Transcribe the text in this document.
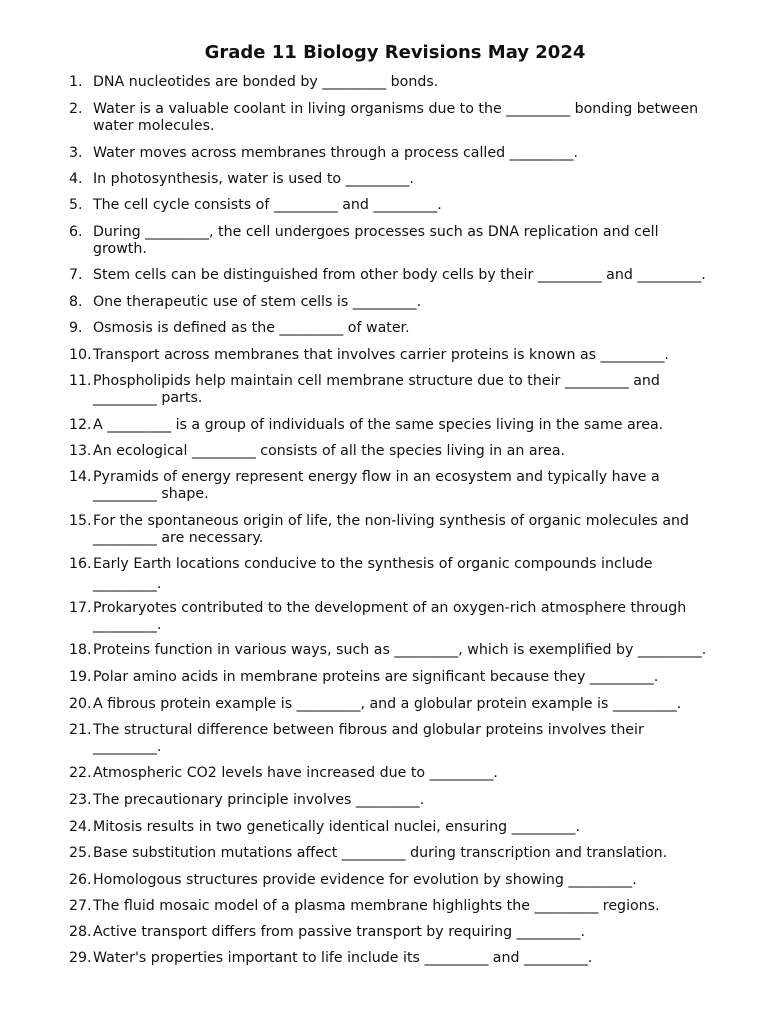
Grade 11 Biology Revisions May 2024
1. DNA nucleotides are bonded by _________ bonds.
2. Water is a valuable coolant in living organisms due to the _________ bonding between
water molecules.
3. Water moves across membranes through a process called _________.
4. In photosynthesis, water is used to _________.
5. The cell cycle consists of _________ and _________.
6. During _________, the cell undergoes processes such as DNA replication and cell
growth.
7. Stem cells can be distinguished from other body cells by their _________ and _________.
8. One therapeutic use of stem cells is _________.
9. Osmosis is defined as the _________ of water.
10. Transport across membranes that involves carrier proteins is known as _________.
11. Phospholipids help maintain cell membrane structure due to their _________ and
_________ parts.
12. A _________ is a group of individuals of the same species living in the same area.
13. An ecological _________ consists of all the species living in an area.
14. Pyramids of energy represent energy flow in an ecosystem and typically have a
_________ shape.
15. For the spontaneous origin of life, the non-living synthesis of organic molecules and
_________ are necessary.
16. Early Earth locations conducive to the synthesis of organic compounds include
_________.
17. Prokaryotes contributed to the development of an oxygen-rich atmosphere through
_________.
18. Proteins function in various ways, such as _________, which is exemplified by _________.
19. Polar amino acids in membrane proteins are significant because they _________.
20. A fibrous protein example is _________, and a globular protein example is _________.
21. The structural difference between fibrous and globular proteins involves their
_________.
22. Atmospheric CO2 levels have increased due to _________.
23. The precautionary principle involves _________.
24. Mitosis results in two genetically identical nuclei, ensuring _________.
25. Base substitution mutations affect _________ during transcription and translation.
26. Homologous structures provide evidence for evolution by showing _________.
27. The fluid mosaic model of a plasma membrane highlights the _________ regions.
28. Active transport differs from passive transport by requiring _________.
29. Water's properties important to life include its _________ and _________.
